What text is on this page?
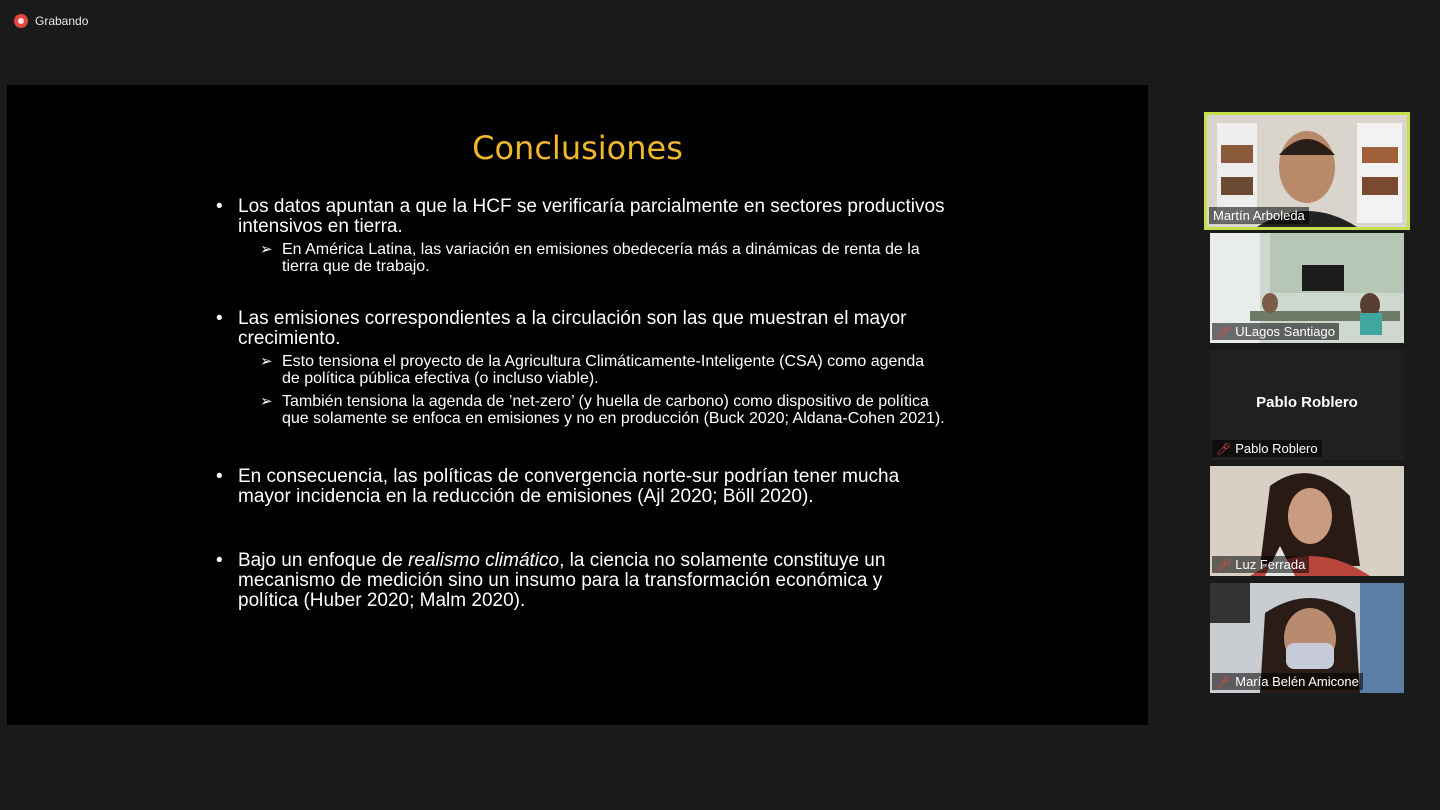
Grabando
Conclusiones
• Los datos apuntan a que la HCF se verificaría parcialmente en sectores productivos intensivos en tierra.
➢ En América Latina, las variación en emisiones obedecería más a dinámicas de renta de la tierra que de trabajo.
• Las emisiones correspondientes a la circulación son las que muestran el mayor crecimiento.
➢ Esto tensiona el proyecto de la Agricultura Climáticamente-Inteligente (CSA) como agenda de política pública efectiva (o incluso viable).
➢ También tensiona la agenda de ’net-zero’ (y huella de carbono) como dispositivo de política que solamente se enfoca en emisiones y no en producción (Buck 2020; Aldana-Cohen 2021).
• En consecuencia, las políticas de convergencia norte-sur podrían tener mucha mayor incidencia en la reducción de emisiones (Ajl 2020; Böll 2020).
• Bajo un enfoque de realismo climático, la ciencia no solamente constituye un mecanismo de medición sino un insumo para la transformación económica y política (Huber 2020; Malm 2020).
Martín Arboleda
🎤︎ ULagos Santiago
Pablo Roblero
🎤︎ Pablo Roblero
🎤︎ Luz Ferrada
🎤︎ María Belén Amicone
